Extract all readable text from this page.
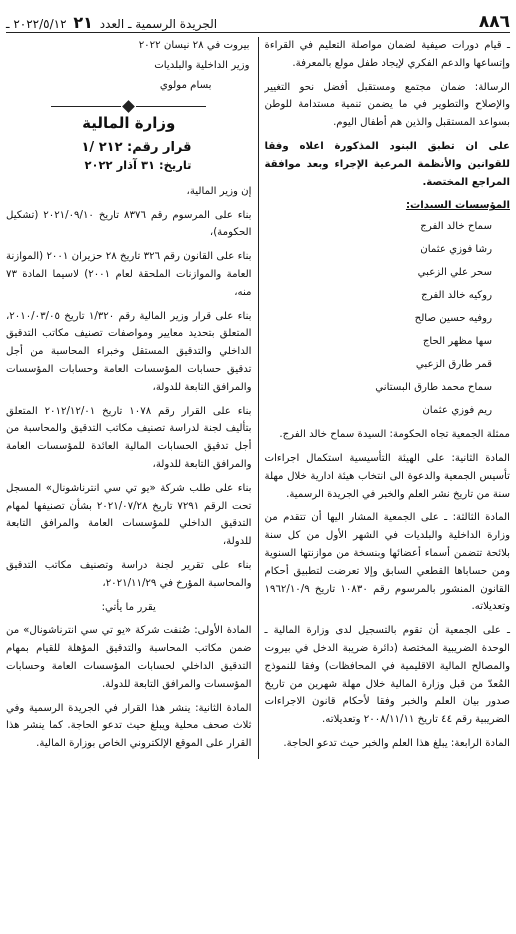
٨٨٦
الجريدة الرسمية ـ العدد ٢١ ٢٠٢٢/٥/١٢ ـ

ـ قيام دورات صيفية لضمان مواصلة التعليم في القراءة وإتساعها والدعم الفكري لإيجاد طفل مولع بالمعرفة.

الرسالة: ضمان مجتمع ومستقبل أفضل نحو التغيير والإصلاح والتطوير في ما يضمن تنمية مستدامة للوطن بسواعد المستقبل والذين هم أطفال اليوم.

على ان تطبق البنود المذكورة اعلاه وفقا للقوانين والأنظمة المرعية الإجراء وبعد موافقة المراجع المختصة.

المؤسسات السيدات:

سماح خالد الفرج
رشا فوزي عثمان
سحر علي الزعبي
روكيه خالد الفرج
روفيه حسين صالح
سها مظهر الحاج
قمر طارق الزعبي
سماح محمد طارق البستاني
ريم فوزي عثمان

ممثلة الجمعية تجاه الحكومة: السيدة سماح خالد الفرج.

المادة الثانية: على الهيئة التأسيسية استكمال اجراءات تأسيس الجمعية والدعوة الى انتخاب هيئة ادارية خلال مهلة سنة من تاريخ نشر العلم والخبر في الجريدة الرسمية.

المادة الثالثة: ـ على الجمعية المشار اليها أن تتقدم من وزارة الداخلية والبلديات في الشهر الأول من كل سنة بلائحة تتضمن أسماء أعضائها وبنسخة من موازنتها السنوية ومن حساباها القطعي السابق وإلا تعرضت لتطبيق أحكام القانون المنشور بالمرسوم رقم ١٠٨٣٠ تاريخ ١٩٦٢/١٠/٩ وتعديلاته.

ـ على الجمعية أن تقوم بالتسجيل لدى وزارة المالية ـ الوحدة الضريبية المختصة (دائرة ضريبة الدخل في بيروت والمصالح المالية الاقليمية في المحافظات) وفقا للنموذج المُعدّ من قبل وزارة المالية خلال مهلة شهرين من تاريخ صدور بيان العلم والخبر وفقا لأحكام قانون الاجراءات الضريبية رقم ٤٤ تاريخ ٢٠٠٨/١١/١١ وتعديلاته.

المادة الرابعة: يبلغ هذا العلم والخبر حيث تدعو الحاجة.

بيروت في ٢٨ نيسان ٢٠٢٢
وزير الداخلية والبلديات
بسام مولوي
وزارة المالية
قرار رقم: ٢١٢ /١
تاريخ: ٣١ آذار ٢٠٢٢

إن وزير المالية،

بناء على المرسوم رقم ٨٣٧٦ تاريخ ٢٠٢١/٠٩/١٠ (تشكيل الحكومة)،

بناء على القانون رقم ٣٢٦ تاريخ ٢٨ حزيران ٢٠٠١ (الموازنة العامة والموازنات الملحقة لعام ٢٠٠١) لاسيما المادة ٧٣ منه،

بناء على قرار وزير المالية رقم ١/٣٢٠ تاريخ ٢٠١٠/٠٣/٠٥، المتعلق بتحديد معايير ومواصفات تصنيف مكاتب التدقيق الداخلي والتدقيق المستقل وخبراء المحاسبة من أجل تدقيق حسابات المؤسسات العامة وحسابات المؤسسات والمرافق التابعة للدولة،

بناء على القرار رقم ١٠٧٨ تاريخ ٢٠١٢/١٢/٠١ المتعلق بتأليف لجنة لدراسة تصنيف مكاتب التدقيق والمحاسبة من أجل تدقيق الحسابات المالية العائدة للمؤسسات العامة والمرافق التابعة للدولة،

بناء على طلب شركة «يو تي سي انترناشونال» المسجل تحت الرقم ٧٢٩١ تاريخ ٢٠٢١/٠٧/٢٨ بشأن تصنيفها لمهام التدقيق الداخلي للمؤسسات العامة والمرافق التابعة للدولة،

بناء على تقرير لجنة دراسة وتصنيف مكاتب التدقيق والمحاسبة المؤرخ في ٢٠٢١/١١/٢٩،

يقرر ما يأتي:

المادة الأولى: صُنفت شركة «يو تي سي انترناشونال» من ضمن مكاتب المحاسبة والتدقيق المؤهلة للقيام بمهام التدقيق الداخلي لحسابات المؤسسات العامة وحسابات المؤسسات والمرافق التابعة للدولة.

المادة الثانية: ينشر هذا القرار في الجريدة الرسمية وفي ثلاث صحف محلية ويبلغ حيث تدعو الحاجة. كما ينشر هذا القرار على الموقع الإلكتروني الخاص بوزارة المالية.
